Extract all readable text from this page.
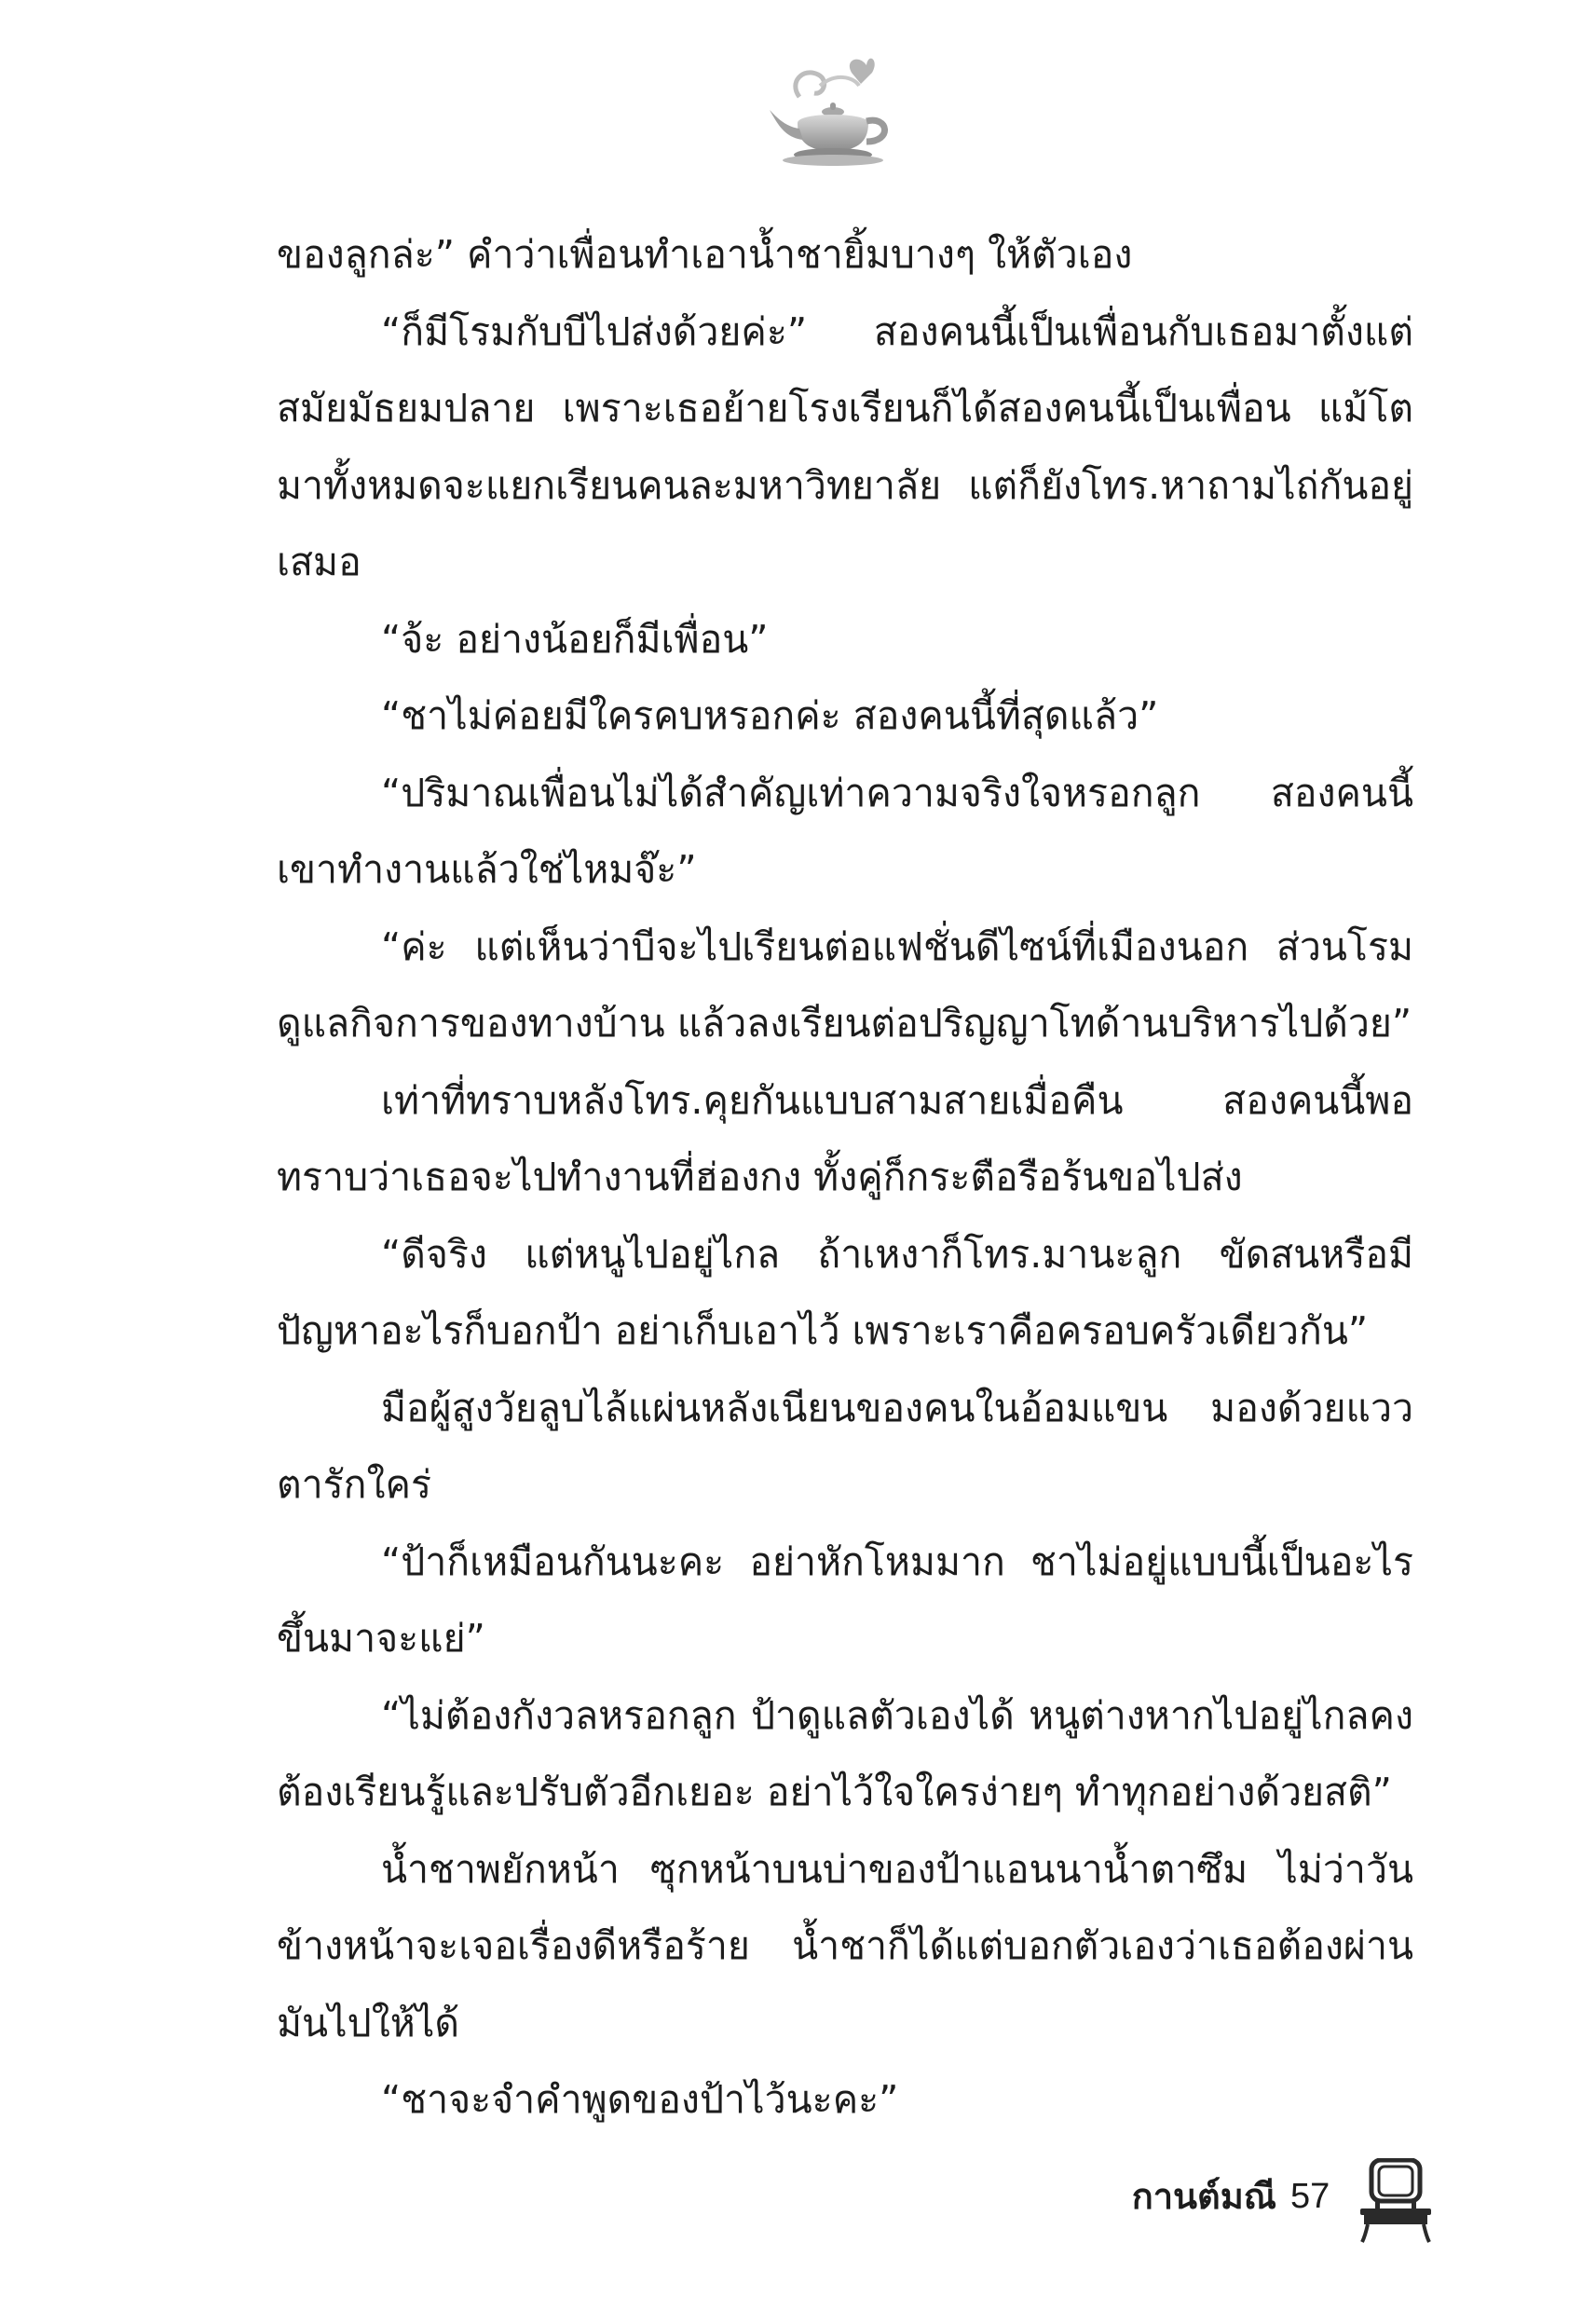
ของลูกล่ะ” คำว่าเพื่อนทำเอาน้ำชายิ้มบางๆ ให้ตัวเอง

“ก็มีโรมกับบีไปส่งด้วยค่ะ” สองคนนี้เป็นเพื่อนกับเธอมาตั้งแต่สมัยมัธยมปลาย เพราะเธอย้ายโรงเรียนก็ได้สองคนนี้เป็นเพื่อน แม้โตมาทั้งหมดจะแยกเรียนคนละมหาวิทยาลัย แต่ก็ยังโทร.หาถามไถ่กันอยู่เสมอ

“จ้ะ อย่างน้อยก็มีเพื่อน”

“ชาไม่ค่อยมีใครคบหรอกค่ะ สองคนนี้ที่สุดแล้ว”

“ปริมาณเพื่อนไม่ได้สำคัญเท่าความจริงใจหรอกลูก สองคนนี้เขาทำงานแล้วใช่ไหมจ๊ะ”

“ค่ะ แต่เห็นว่าบีจะไปเรียนต่อแฟชั่นดีไซน์ที่เมืองนอก ส่วนโรมดูแลกิจการของทางบ้าน แล้วลงเรียนต่อปริญญาโทด้านบริหารไปด้วย”

เท่าที่ทราบหลังโทร.คุยกันแบบสามสายเมื่อคืน สองคนนี้พอทราบว่าเธอจะไปทำงานที่ฮ่องกง ทั้งคู่ก็กระตือรือร้นขอไปส่ง

“ดีจริง แต่หนูไปอยู่ไกล ถ้าเหงาก็โทร.มานะลูก ขัดสนหรือมีปัญหาอะไรก็บอกป้า อย่าเก็บเอาไว้ เพราะเราคือครอบครัวเดียวกัน”

มือผู้สูงวัยลูบไล้แผ่นหลังเนียนของคนในอ้อมแขน มองด้วยแววตารักใคร่

“ป้าก็เหมือนกันนะคะ อย่าหักโหมมาก ชาไม่อยู่แบบนี้เป็นอะไรขึ้นมาจะแย่”

“ไม่ต้องกังวลหรอกลูก ป้าดูแลตัวเองได้ หนูต่างหากไปอยู่ไกลคงต้องเรียนรู้และปรับตัวอีกเยอะ อย่าไว้ใจใครง่ายๆ ทำทุกอย่างด้วยสติ”

น้ำชาพยักหน้า ซุกหน้าบนบ่าของป้าแอนนาน้ำตาซึม ไม่ว่าวันข้างหน้าจะเจอเรื่องดีหรือร้าย น้ำชาก็ได้แต่บอกตัวเองว่าเธอต้องผ่านมันไปให้ได้

“ชาจะจำคำพูดของป้าไว้นะคะ”

กานต์มณี 57
